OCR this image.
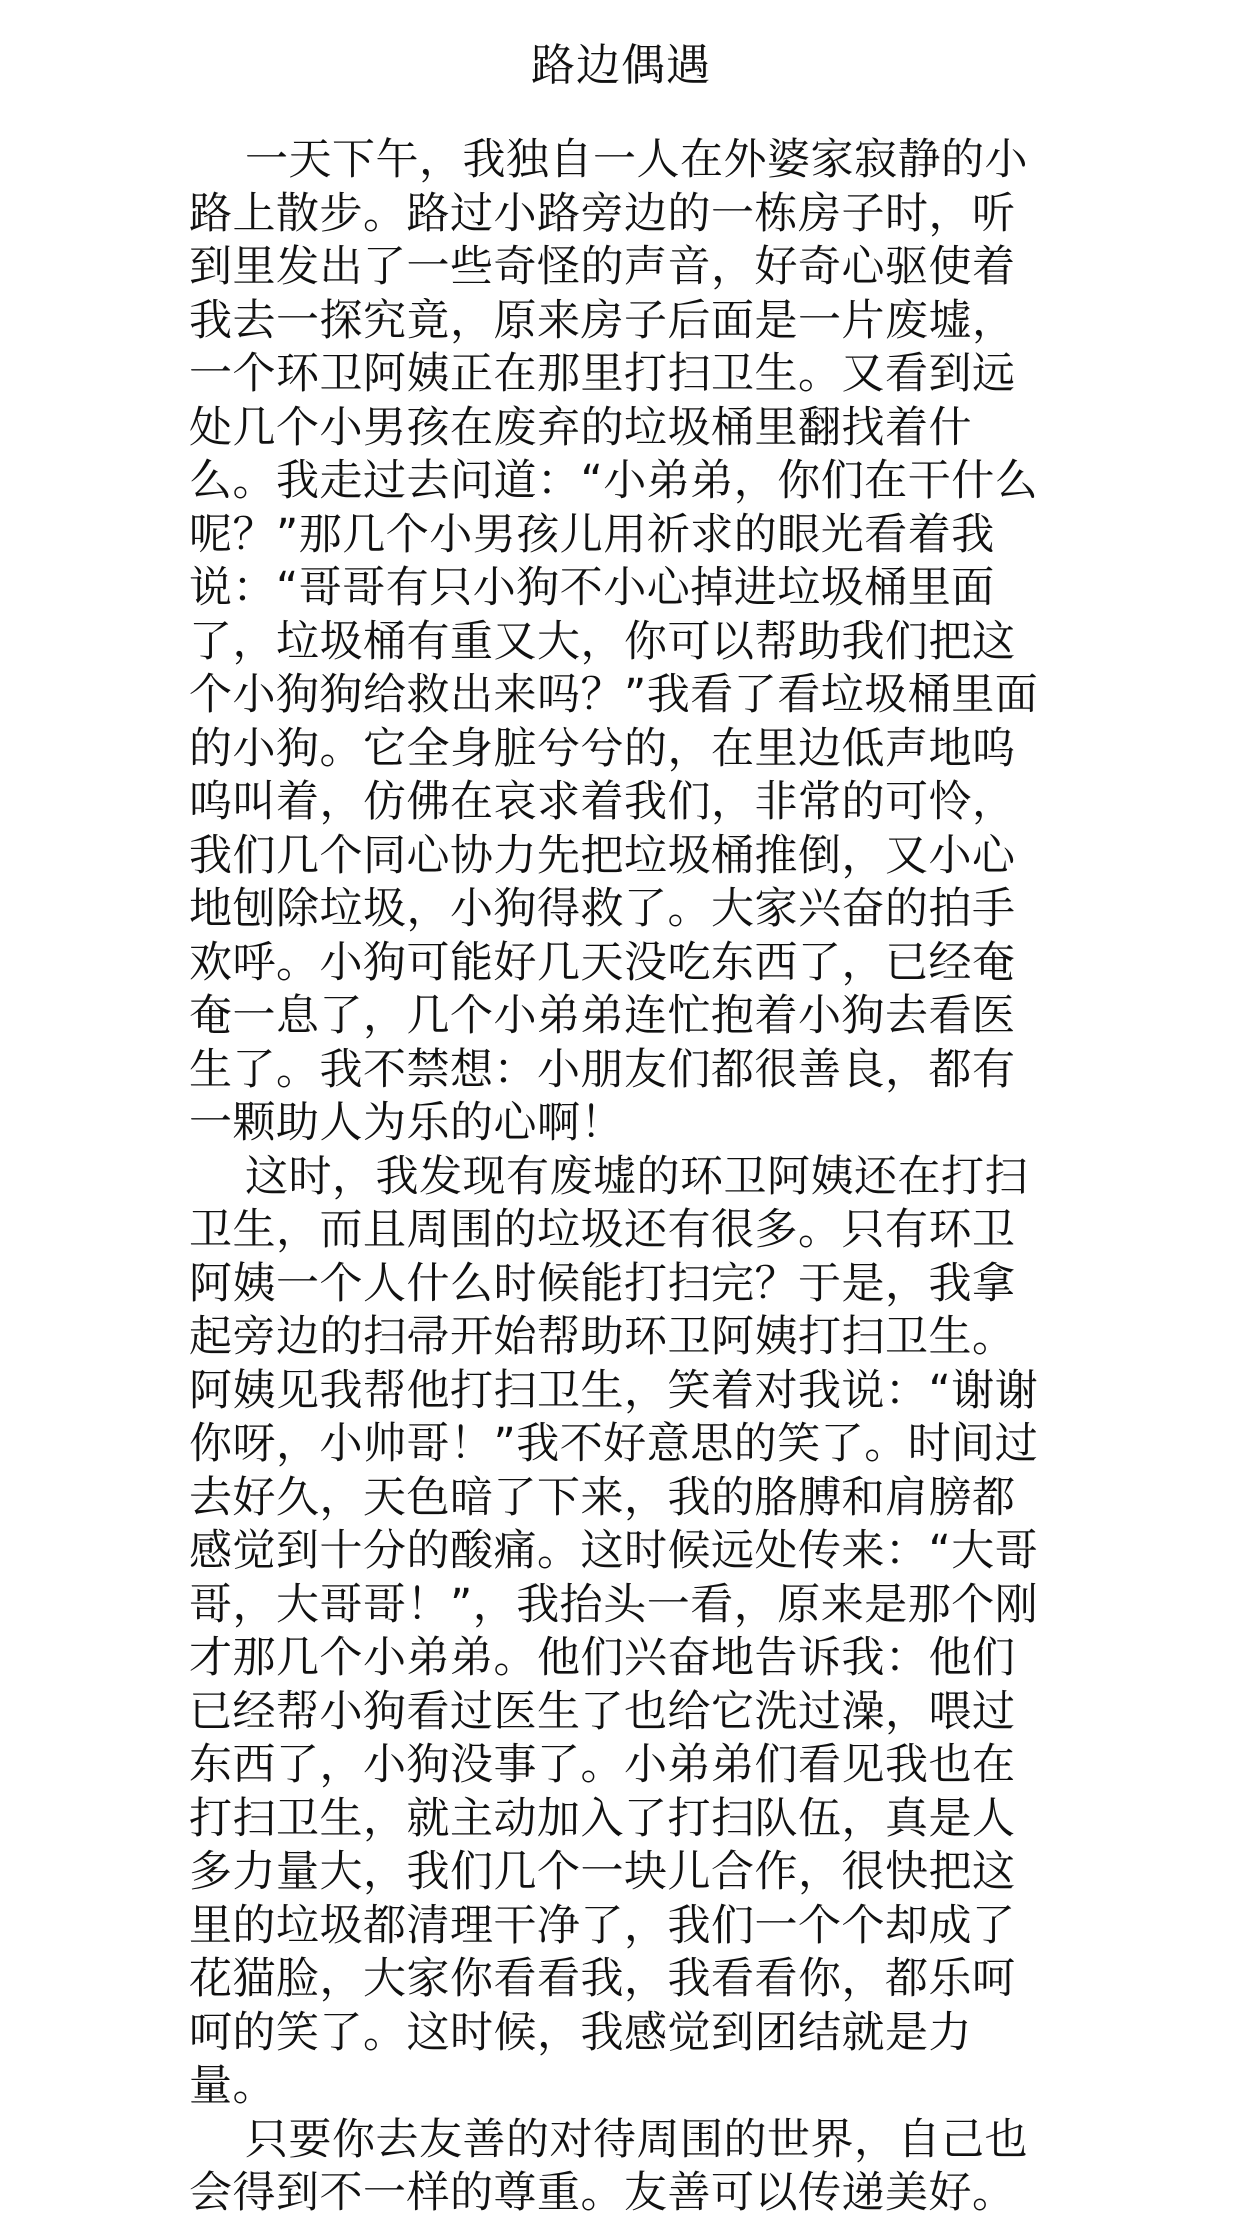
路边偶遇
一天下午，我独自一人在外婆家寂静的小
路上散步。路过小路旁边的一栋房子时，听
到里发出了一些奇怪的声音，好奇心驱使着
我去一探究竟，原来房子后面是一片废墟，
一个环卫阿姨正在那里打扫卫生。又看到远
处几个小男孩在废弃的垃圾桶里翻找着什
么。我走过去问道：“小弟弟，你们在干什么
呢？”那几个小男孩儿用祈求的眼光看着我
说：“哥哥有只小狗不小心掉进垃圾桶里面
了，垃圾桶有重又大，你可以帮助我们把这
个小狗狗给救出来吗？”我看了看垃圾桶里面
的小狗。它全身脏兮兮的，在里边低声地呜
呜叫着，仿佛在哀求着我们，非常的可怜，
我们几个同心协力先把垃圾桶推倒，又小心
地刨除垃圾，小狗得救了。大家兴奋的拍手
欢呼。小狗可能好几天没吃东西了，已经奄
奄一息了，几个小弟弟连忙抱着小狗去看医
生了。我不禁想：小朋友们都很善良，都有
一颗助人为乐的心啊！
这时，我发现有废墟的环卫阿姨还在打扫
卫生，而且周围的垃圾还有很多。只有环卫
阿姨一个人什么时候能打扫完？于是，我拿
起旁边的扫帚开始帮助环卫阿姨打扫卫生。
阿姨见我帮他打扫卫生，笑着对我说：“谢谢
你呀，小帅哥！”我不好意思的笑了。时间过
去好久，天色暗了下来，我的胳膊和肩膀都
感觉到十分的酸痛。这时候远处传来：“大哥
哥，大哥哥！”，我抬头一看，原来是那个刚
才那几个小弟弟。他们兴奋地告诉我：他们
已经帮小狗看过医生了也给它洗过澡，喂过
东西了，小狗没事了。小弟弟们看见我也在
打扫卫生，就主动加入了打扫队伍，真是人
多力量大，我们几个一块儿合作，很快把这
里的垃圾都清理干净了，我们一个个却成了
花猫脸，大家你看看我，我看看你，都乐呵
呵的笑了。这时候，我感觉到团结就是力
量。
只要你去友善的对待周围的世界，自己也
会得到不一样的尊重。友善可以传递美好。
